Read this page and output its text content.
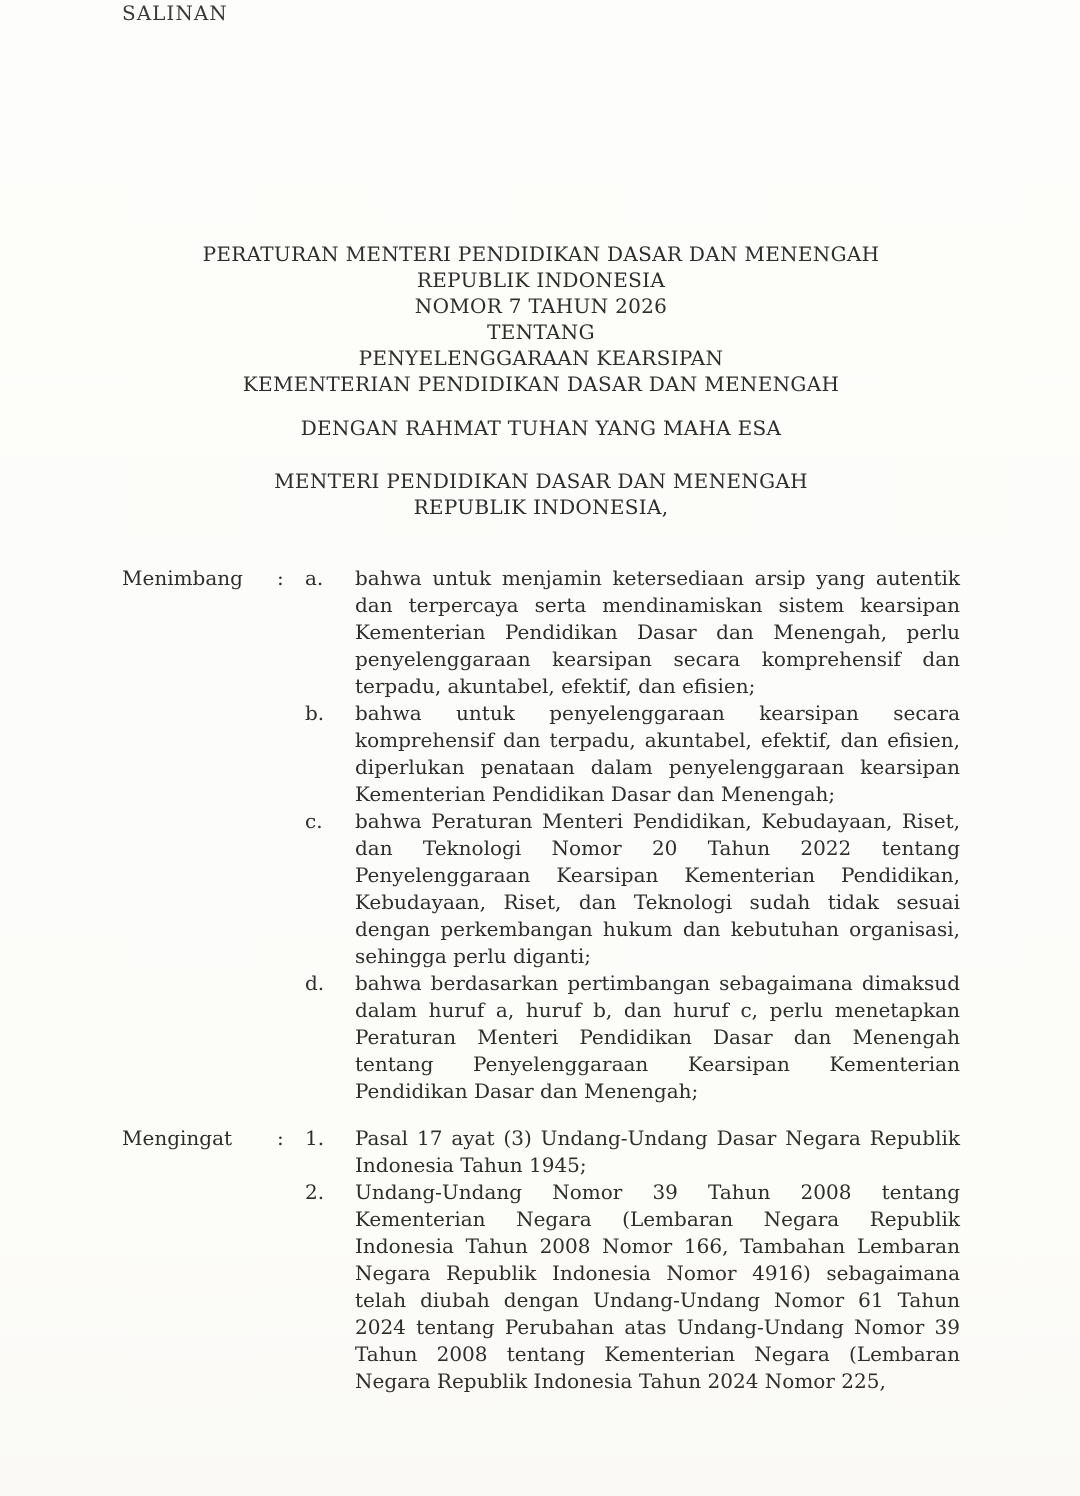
SALINAN
PERATURAN MENTERI PENDIDIKAN DASAR DAN MENENGAH
REPUBLIK INDONESIA
NOMOR 7 TAHUN 2026
TENTANG
PENYELENGGARAAN KEARSIPAN
KEMENTERIAN PENDIDIKAN DASAR DAN MENENGAH
DENGAN RAHMAT TUHAN YANG MAHA ESA
MENTERI PENDIDIKAN DASAR DAN MENENGAH
REPUBLIK INDONESIA,
Menimbang	:	a.	bahwa untuk menjamin ketersediaan arsip yang autentik dan terpercaya serta mendinamiskan sistem kearsipan Kementerian Pendidikan Dasar dan Menengah, perlu penyelenggaraan kearsipan secara komprehensif dan terpadu, akuntabel, efektif, dan efisien;
b.	bahwa untuk penyelenggaraan kearsipan secara komprehensif dan terpadu, akuntabel, efektif, dan efisien, diperlukan penataan dalam penyelenggaraan kearsipan Kementerian Pendidikan Dasar dan Menengah;
c.	bahwa Peraturan Menteri Pendidikan, Kebudayaan, Riset, dan Teknologi Nomor 20 Tahun 2022 tentang Penyelenggaraan Kearsipan Kementerian Pendidikan, Kebudayaan, Riset, dan Teknologi sudah tidak sesuai dengan perkembangan hukum dan kebutuhan organisasi, sehingga perlu diganti;
d.	bahwa berdasarkan pertimbangan sebagaimana dimaksud dalam huruf a, huruf b, dan huruf c, perlu menetapkan Peraturan Menteri Pendidikan Dasar dan Menengah tentang Penyelenggaraan Kearsipan Kementerian Pendidikan Dasar dan Menengah;
Mengingat	:	1.	Pasal 17 ayat (3) Undang-Undang Dasar Negara Republik Indonesia Tahun 1945;
2.	Undang-Undang Nomor 39 Tahun 2008 tentang Kementerian Negara (Lembaran Negara Republik Indonesia Tahun 2008 Nomor 166, Tambahan Lembaran Negara Republik Indonesia Nomor 4916) sebagaimana telah diubah dengan Undang-Undang Nomor 61 Tahun 2024 tentang Perubahan atas Undang-Undang Nomor 39 Tahun 2008 tentang Kementerian Negara (Lembaran Negara Republik Indonesia Tahun 2024 Nomor 225,
